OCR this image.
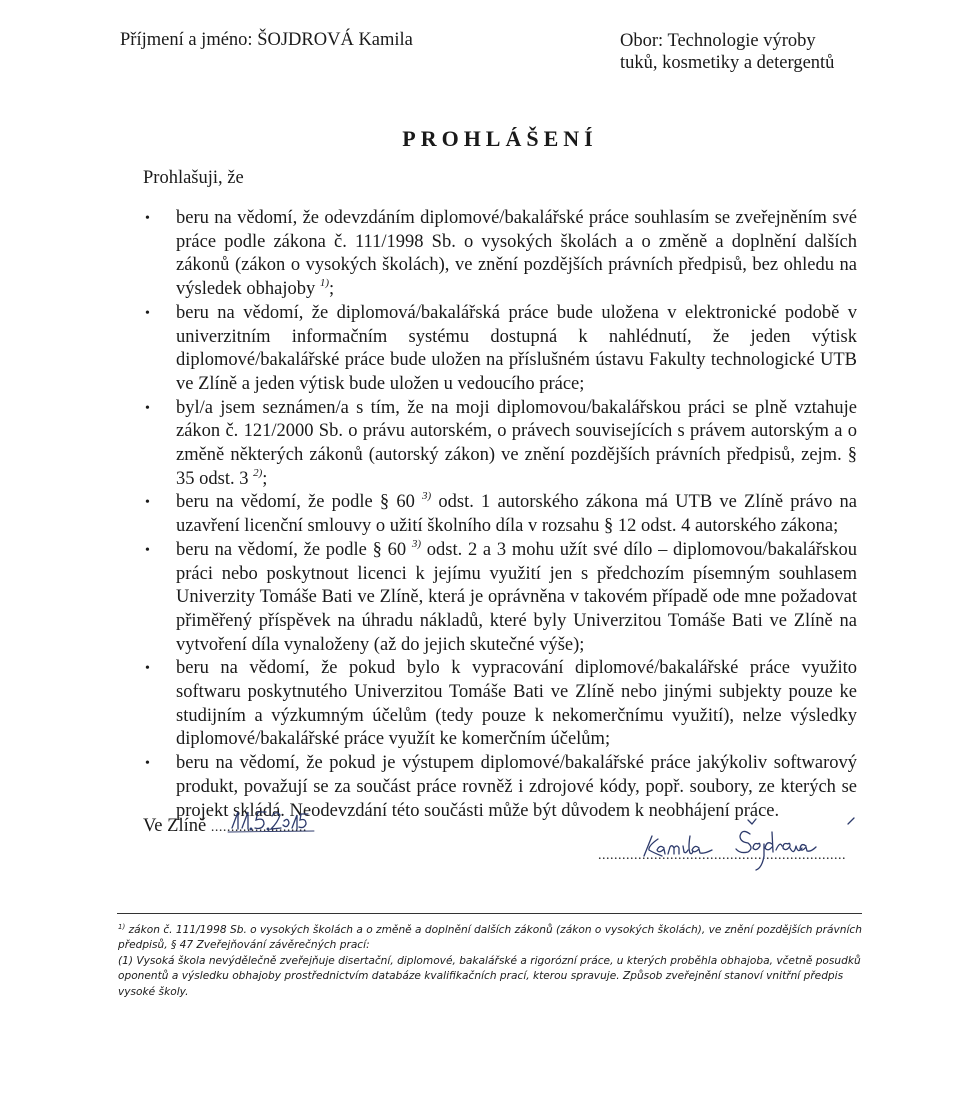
Příjmení a jméno: ŠOJDROVÁ Kamila	Obor: Technologie výroby
tuků, kosmetiky a detergentů
PROHLÁŠENÍ
Prohlašuji, že
• beru na vědomí, že odevzdáním diplomové/bakalářské práce souhlasím se zveřejněním své práce podle zákona č. 111/1998 Sb. o vysokých školách a o změně a doplnění dalších zákonů (zákon o vysokých školách), ve znění pozdějších právních předpisů, bez ohledu na výsledek obhajoby $^{1)}$;
• beru na vědomí, že diplomová/bakalářská práce bude uložena v elektronické podobě v univerzitním informačním systému dostupná k nahlédnutí, že jeden výtisk diplomové/bakalářské práce bude uložen na příslušném ústavu Fakulty technologické UTB ve Zlíně a jeden výtisk bude uložen u vedoucího práce;
• byl/a jsem seznámen/a s tím, že na moji diplomovou/bakalářskou práci se plně vztahuje zákon č. 121/2000 Sb. o právu autorském, o právech souvisejících s právem autorským a o změně některých zákonů (autorský zákon) ve znění pozdějších právních předpisů, zejm. § 35 odst. 3 $^{2)}$;
• beru na vědomí, že podle § 60 $^{3)}$ odst. 1 autorského zákona má UTB ve Zlíně právo na uzavření licenční smlouvy o užití školního díla v rozsahu § 12 odst. 4 autorského zákona;
• beru na vědomí, že podle § 60 $^{3)}$ odst. 2 a 3 mohu užít své dílo – diplomovou/bakalářskou práci nebo poskytnout licenci k jejímu využití jen s předchozím písemným souhlasem Univerzity Tomáše Bati ve Zlíně, která je oprávněna v takovém případě ode mne požadovat přiměřený příspěvek na úhradu nákladů, které byly Univerzitou Tomáše Bati ve Zlíně na vytvoření díla vynaloženy (až do jejich skutečné výše);
• beru na vědomí, že pokud bylo k vypracování diplomové/bakalářské práce využito softwaru poskytnutého Univerzitou Tomáše Bati ve Zlíně nebo jinými subjekty pouze ke studijním a výzkumným účelům (tedy pouze k nekomerčnímu využití), nelze výsledky diplomové/bakalářské práce využít ke komerčním účelům;
• beru na vědomí, že pokud je výstupem diplomové/bakalářské práce jakýkoliv softwarový produkt, považují se za součást práce rovněž i zdrojové kódy, popř. soubory, ze kterých se projekt skládá. Neodevzdání této součásti může být důvodem k neobhájení práce.
Ve Zlíně ........................
..............................................................

$^{1)}$ zákon č. 111/1998 Sb. o vysokých školách a o změně a doplnění dalších zákonů (zákon o vysokých školách), ve znění pozdějších právních předpisů, § 47 Zveřejňování závěrečných prací:

(1) Vysoká škola nevýdělečně zveřejňuje disertační, diplomové, bakalářské a rigorózní práce, u kterých proběhla obhajoba, včetně posudků oponentů a výsledku obhajoby prostřednictvím databáze kvalifikačních prací, kterou spravuje. Způsob zveřejnění stanoví vnitřní předpis vysoké školy.
